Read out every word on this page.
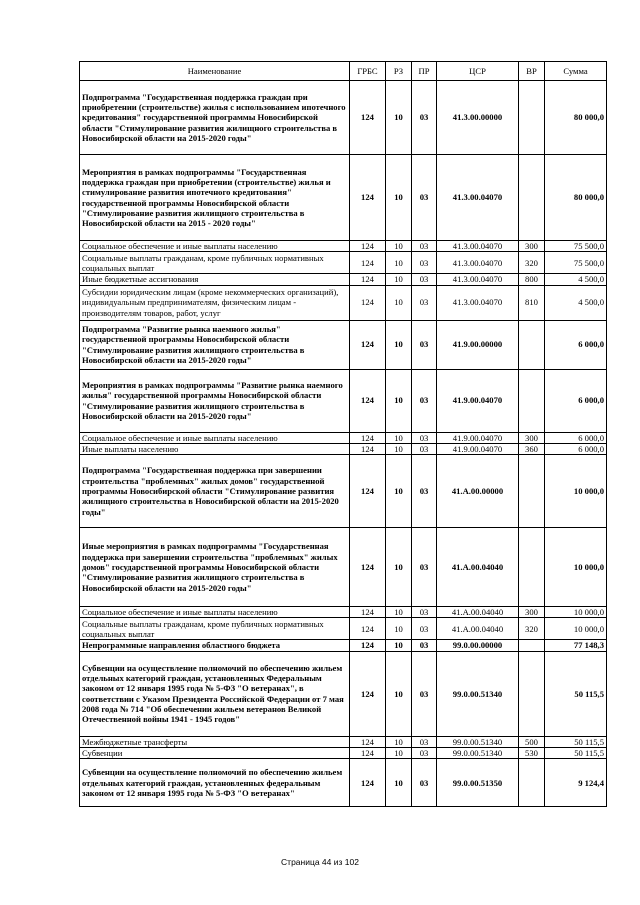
Наименование	ГРБС	РЗ	ПР	ЦСР	ВР	Сумма
Подпрограмма "Государственная поддержка граждан при приобретении (строительстве) жилья с использованием ипотечного кредитования" государственной программы Новосибирской области "Стимулирование развития жилищного строительства в Новосибирской области на 2015-2020 годы"	124	10	03	41.3.00.00000		80 000,0
Мероприятия в рамках подпрограммы "Государственная поддержка граждан при приобретении (строительстве) жилья и стимулирование развития ипотечного кредитования" государственной программы Новосибирской области "Стимулирование развития жилищного строительства в Новосибирской области на 2015 - 2020 годы"	124	10	03	41.3.00.04070		80 000,0
Социальное обеспечение и иные выплаты населению	124	10	03	41.3.00.04070	300	75 500,0
Социальные выплаты гражданам, кроме публичных нормативных социальных выплат	124	10	03	41.3.00.04070	320	75 500,0
Иные бюджетные ассигнования	124	10	03	41.3.00.04070	800	4 500,0
Субсидии юридическим лицам (кроме некоммерческих организаций), индивидуальным предпринимателям, физическим лицам - производителям товаров, работ, услуг	124	10	03	41.3.00.04070	810	4 500,0
Подпрограмма "Развитие рынка наемного жилья" государственной программы Новосибирской области "Стимулирование развития жилищного строительства в Новосибирской области на 2015-2020 годы"	124	10	03	41.9.00.00000		6 000,0
Мероприятия в рамках подпрограммы "Развитие рынка наемного жилья" государственной программы Новосибирской области "Стимулирование развития жилищного строительства в Новосибирской области на 2015-2020 годы"	124	10	03	41.9.00.04070		6 000,0
Социальное обеспечение и иные выплаты населению	124	10	03	41.9.00.04070	300	6 000,0
Иные выплаты населению	124	10	03	41.9.00.04070	360	6 000,0
Подпрограмма "Государственная поддержка при завершении строительства "проблемных" жилых домов" государственной программы Новосибирской области "Стимулирование развития жилищного строительства в Новосибирской области на 2015-2020 годы"	124	10	03	41.А.00.00000		10 000,0
Иные мероприятия в рамках подпрограммы "Государственная поддержка при завершении строительства "проблемных" жилых домов" государственной программы Новосибирской области "Стимулирование развития жилищного строительства в Новосибирской области на 2015-2020 годы"	124	10	03	41.А.00.04040		10 000,0
Социальное обеспечение и иные выплаты населению	124	10	03	41.А.00.04040	300	10 000,0
Социальные выплаты гражданам, кроме публичных нормативных социальных выплат	124	10	03	41.А.00.04040	320	10 000,0
Непрограммные направления областного бюджета	124	10	03	99.0.00.00000		77 148,3
Субвенции на осуществление полномочий по обеспечению жильем отдельных категорий граждан, установленных Федеральным законом от 12 января 1995 года № 5-ФЗ "О ветеранах", в соответствии с Указом Президента Российской Федерации от 7 мая 2008 года № 714 "Об обеспечении жильем ветеранов Великой Отечественной войны 1941 - 1945 годов"	124	10	03	99.0.00.51340		50 115,5
Межбюджетные трансферты	124	10	03	99.0.00.51340	500	50 115,5
Субвенции	124	10	03	99.0.00.51340	530	50 115,5
Субвенции на осуществление полномочий по обеспечению жильем отдельных категорий граждан, установленных федеральным законом от 12 января 1995 года № 5-ФЗ "О ветеранах"	124	10	03	99.0.00.51350		9 124,4
Страница 44 из 102
